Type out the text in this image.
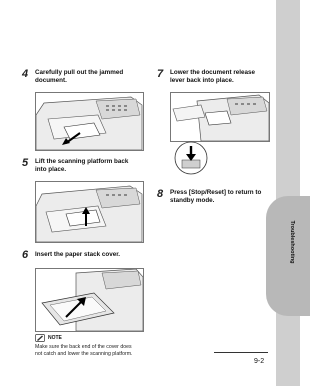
Troubleshooting
4 Carefully pull out the jammed
document.
5 Lift the scanning platform back
into place.
6 Insert the paper stack cover.
NOTE
Make sure the back end of the cover does
not catch and lower the scanning platform.
7 Lower the document release
lever back into place.
8 Press [Stop/Reset] to return to
standby mode.
9-2
